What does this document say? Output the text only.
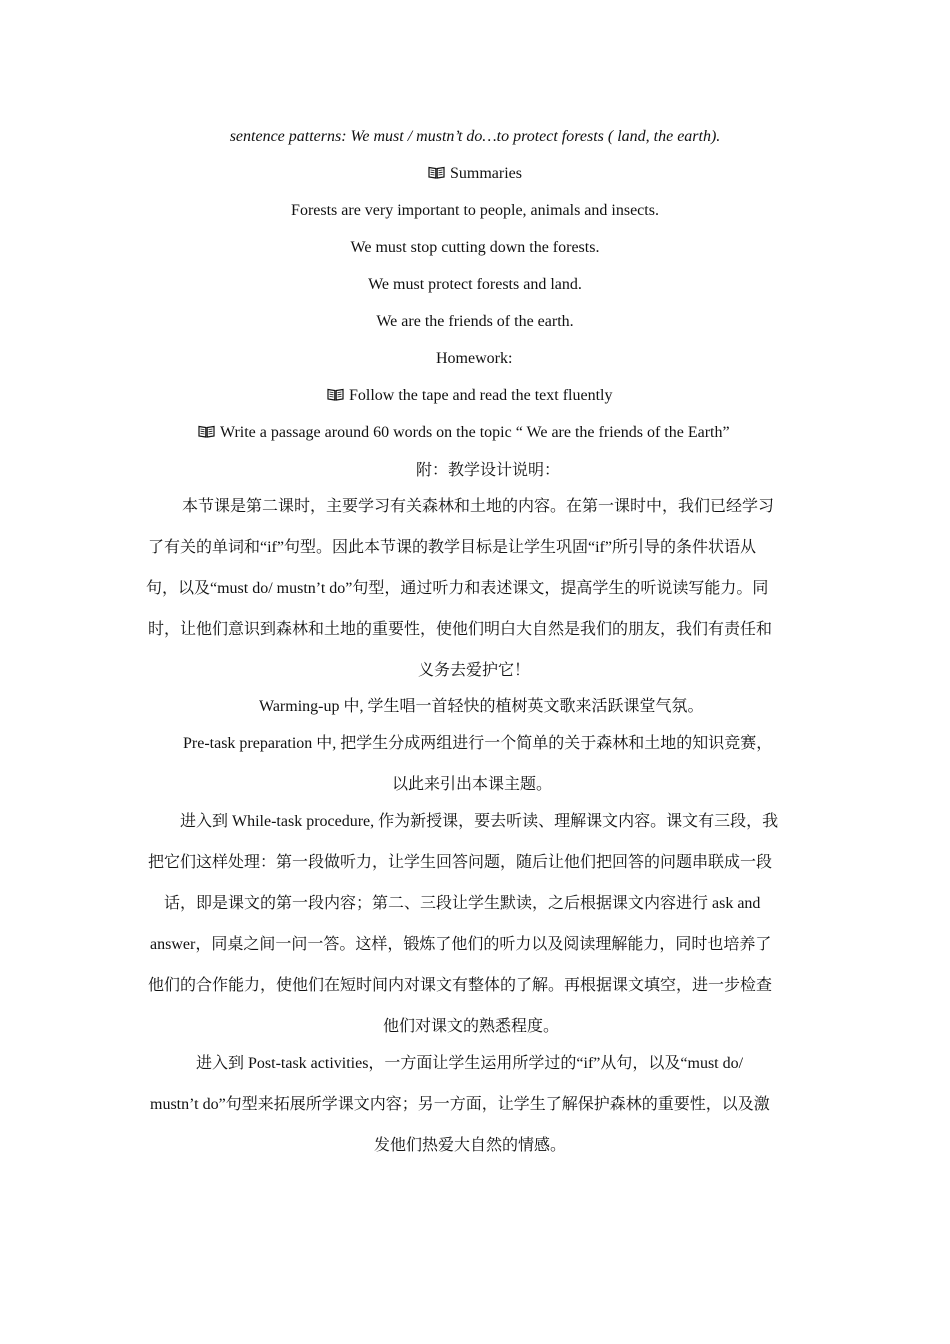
sentence patterns: We must / mustn’t do…to protect forests ( land, the earth).
Summaries
Forests are very important to people, animals and insects.
We must stop cutting down the forests.
We must protect forests and land.
We are the friends of the earth.
Homework:
Follow the tape and read the text fluently
Write a passage around 60 words on the topic “ We are the friends of the Earth”
附：教学设计说明：
本节课是第二课时，主要学习有关森林和土地的内容。在第一课时中，我们已经学习
了有关的单词和“if”句型。因此本节课的教学目标是让学生巩固“if”所引导的条件状语从
句，以及“must do/ mustn’t do”句型，通过听力和表述课文，提高学生的听说读写能力。同
时，让他们意识到森林和土地的重要性，使他们明白大自然是我们的朋友，我们有责任和
义务去爱护它！
Warming-up 中, 学生唱一首轻快的植树英文歌来活跃课堂气氛。
Pre-task preparation 中, 把学生分成两组进行一个简单的关于森林和土地的知识竞赛，
以此来引出本课主题。
进入到 While-task procedure, 作为新授课，要去听读、理解课文内容。课文有三段，我
把它们这样处理：第一段做听力，让学生回答问题，随后让他们把回答的问题串联成一段
话，即是课文的第一段内容；第二、三段让学生默读，之后根据课文内容进行 ask and
answer，同桌之间一问一答。这样，锻炼了他们的听力以及阅读理解能力，同时也培养了
他们的合作能力，使他们在短时间内对课文有整体的了解。再根据课文填空，进一步检查
他们对课文的熟悉程度。
进入到 Post-task activities，一方面让学生运用所学过的“if”从句，以及“must do/
mustn’t do”句型来拓展所学课文内容；另一方面，让学生了解保护森林的重要性，以及激
发他们热爱大自然的情感。
